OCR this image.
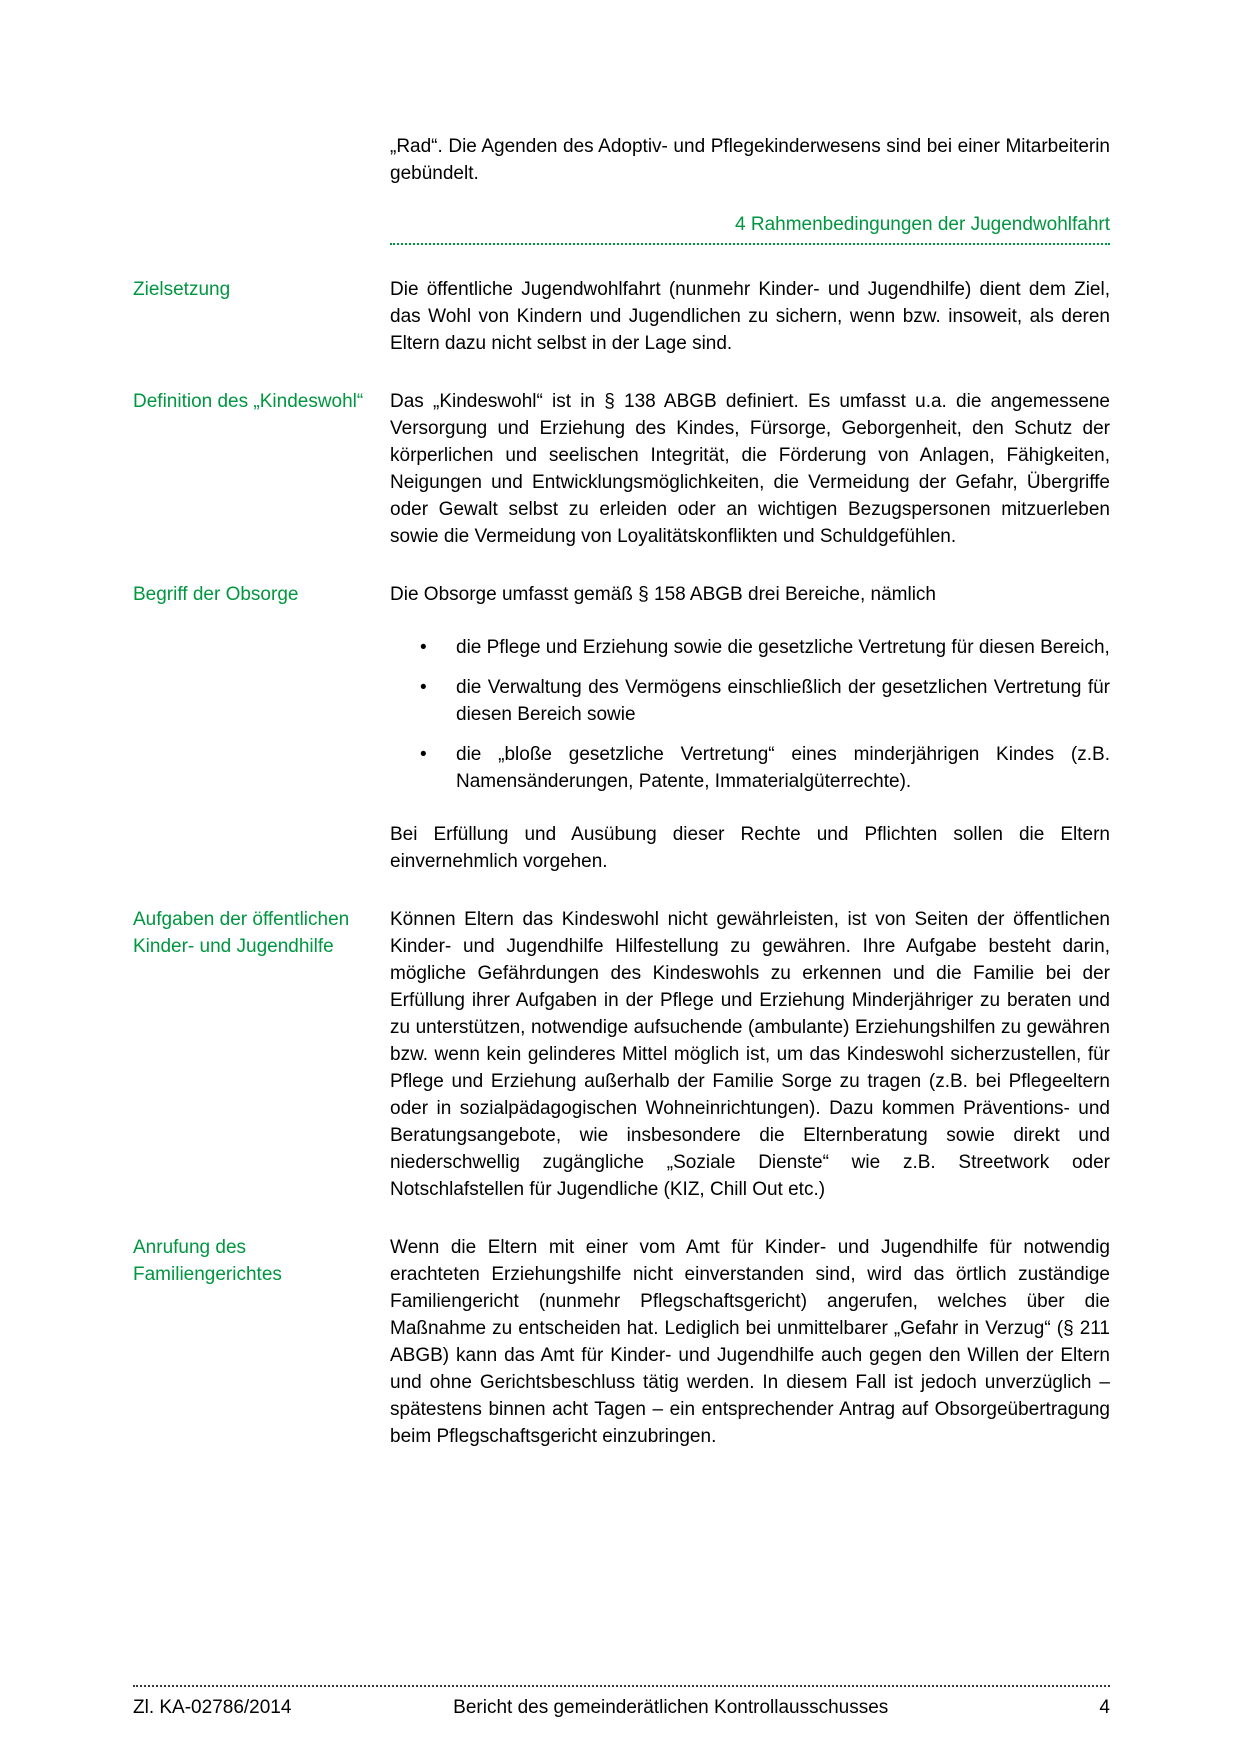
„Rad“. Die Agenden des Adoptiv- und Pflegekinderwesens sind bei einer Mitarbeiterin gebündelt.

4 Rahmenbedingungen der Jugendwohlfahrt
Zielsetzung	Die öffentliche Jugendwohlfahrt (nunmehr Kinder- und Jugendhilfe) dient dem Ziel, das Wohl von Kindern und Jugendlichen zu sichern, wenn bzw. insoweit, als deren Eltern dazu nicht selbst in der Lage sind.

Definition des „Kindeswohl“	Das „Kindeswohl“ ist in § 138 ABGB definiert. Es umfasst u.a. die angemessene Versorgung und Erziehung des Kindes, Fürsorge, Geborgenheit, den Schutz der körperlichen und seelischen Integrität, die Förderung von Anlagen, Fähigkeiten, Neigungen und Entwicklungsmöglichkeiten, die Vermeidung der Gefahr, Übergriffe oder Gewalt selbst zu erleiden oder an wichtigen Bezugspersonen mitzuerleben sowie die Vermeidung von Loyalitätskonflikten und Schuldgefühlen.

Begriff der Obsorge	Die Obsorge umfasst gemäß § 158 ABGB drei Bereiche, nämlich

•	die Pflege und Erziehung sowie die gesetzliche Vertretung für diesen Bereich,
•	die Verwaltung des Vermögens einschließlich der gesetzlichen Vertretung für diesen Bereich sowie
•	die „bloße gesetzliche Vertretung“ eines minderjährigen Kindes (z.B. Namensänderungen, Patente, Immaterialgüterrechte).

Bei Erfüllung und Ausübung dieser Rechte und Pflichten sollen die Eltern einvernehmlich vorgehen.

Aufgaben der öffentlichen Kinder- und Jugendhilfe

Können Eltern das Kindeswohl nicht gewährleisten, ist von Seiten der öffentlichen Kinder- und Jugendhilfe Hilfestellung zu gewähren. Ihre Aufgabe besteht darin, mögliche Gefährdungen des Kindeswohls zu erkennen und die Familie bei der Erfüllung ihrer Aufgaben in der Pflege und Erziehung Minderjähriger zu beraten und zu unterstützen, notwendige aufsuchende (ambulante) Erziehungshilfen zu gewähren bzw. wenn kein gelinderes Mittel möglich ist, um das Kindeswohl sicherzustellen, für Pflege und Erziehung außerhalb der Familie Sorge zu tragen (z.B. bei Pflegeeltern oder in sozialpädagogischen Wohneinrichtungen). Dazu kommen Präventions- und Beratungsangebote, wie insbesondere die Elternberatung sowie direkt und niederschwellig zugängliche „Soziale Dienste“ wie z.B. Streetwork oder Notschlafstellen für Jugendliche (KIZ, Chill Out etc.)

Anrufung des Familiengerichtes

Wenn die Eltern mit einer vom Amt für Kinder- und Jugendhilfe für notwendig erachteten Erziehungshilfe nicht einverstanden sind, wird das örtlich zuständige Familiengericht (nunmehr Pflegschaftsgericht) angerufen, welches über die Maßnahme zu entscheiden hat. Lediglich bei unmittelbarer „Gefahr in Verzug“ (§ 211 ABGB) kann das Amt für Kinder- und Jugendhilfe auch gegen den Willen der Eltern und ohne Gerichtsbeschluss tätig werden. In diesem Fall ist jedoch unverzüglich – spätestens binnen acht Tagen – ein entsprechender Antrag auf Obsorgeübertragung beim Pflegschaftsgericht einzubringen.

Zl. KA-02786/2014	Bericht des gemeinderätlichen Kontrollausschusses	4
